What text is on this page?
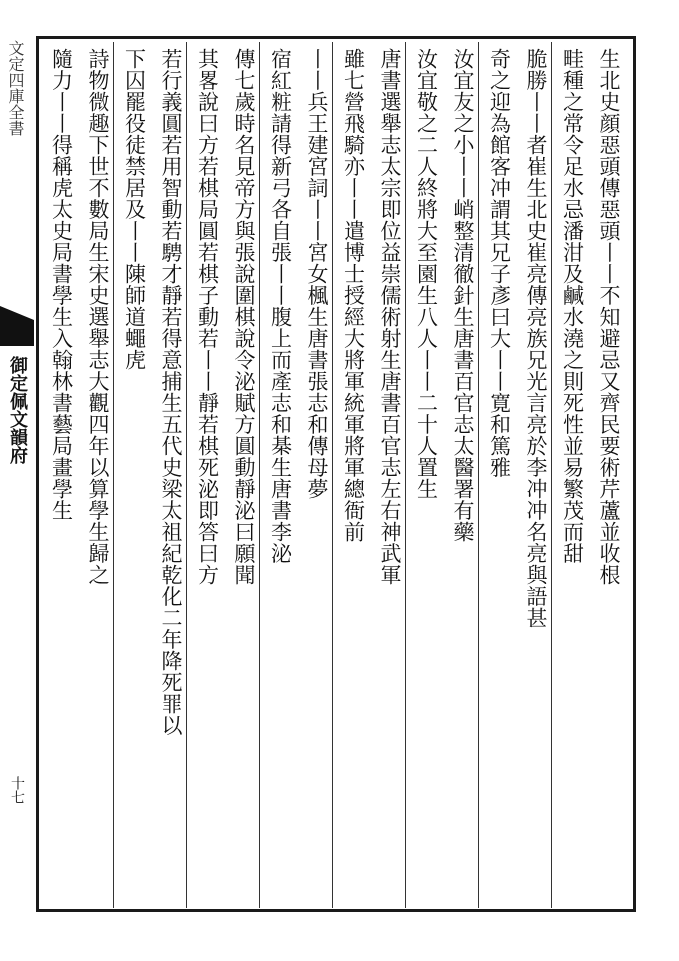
御定佩文韻府
十七
文定四庫全書	生北史顔惡頭傳惡頭丨丨不知避忌又齊民要術芹蘆並收根
畦種之常令足水忌潘泔及鹹水澆之則死性並易繁茂而甜
脆勝丨丨者崔生北史崔亮傳亮族兄光言亮於李冲冲名亮與語甚
奇之迎為館客冲謂其兄子彥曰大丨丨寛和篤雅
汝宜友之小丨丨峭整清徹針生唐書百官志太醫署有藥
汝宜敬之二人終將大至園生八人丨丨二十人置生
唐書選舉志太宗即位益崇儒術射生唐書百官志左右神武軍
雖七營飛騎亦丨丨遣博士授經大將軍統軍將軍總衙前
丨丨兵王建宮詞丨丨宮女楓生唐書張志和傳母夢
宿紅粧請得新弓各自張丨丨腹上而產志和棊生唐書李泌
傳七歲時名見帝方與張說圍棋說令泌賦方圓動靜泌曰願聞
其畧說曰方若棋局圓若棋子動若丨丨靜若棋死泌即答曰方
若行義圓若用智動若騁才靜若得意捕生五代史梁太祖紀乾化二年降死罪以
下囚罷役徒禁居及丨丨陳師道蠅虎
詩物微趣下世不數局生宋史選舉志大觀四年以算學生歸之
隨力丨丨得稱虎太史局書學生入翰林書藝局畫學生
